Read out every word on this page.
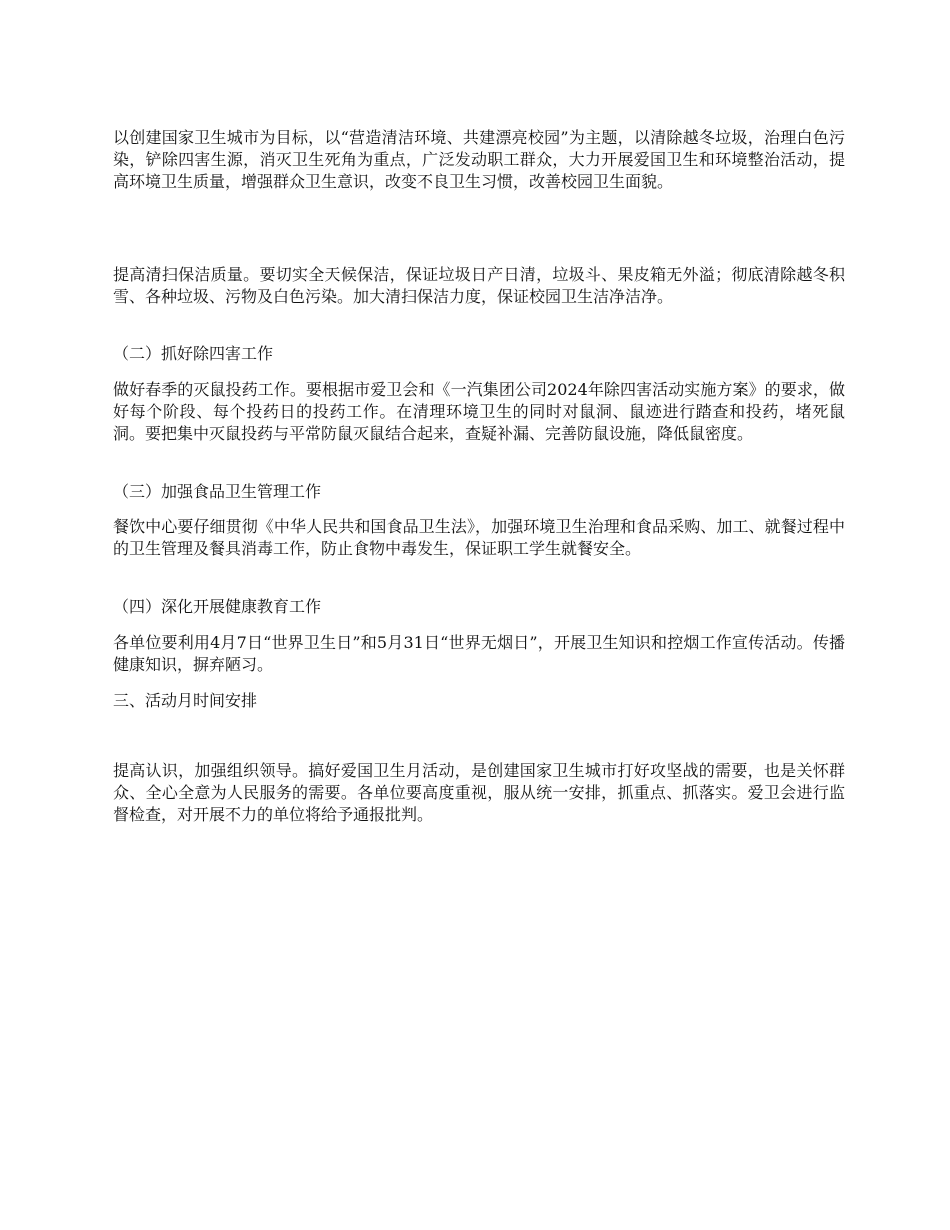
以创建国家卫生城市为目标，以“营造清洁环境、共建漂亮校园”为主题，以清除越冬垃圾，治理白色污染，铲除四害生源，消灭卫生死角为重点，广泛发动职工群众，大力开展爱国卫生和环境整治活动，提高环境卫生质量，增强群众卫生意识，改变不良卫生习惯，改善校园卫生面貌。

提高清扫保洁质量。要切实全天候保洁，保证垃圾日产日清，垃圾斗、果皮箱无外溢；彻底清除越冬积雪、各种垃圾、污物及白色污染。加大清扫保洁力度，保证校园卫生洁净洁净。

（二）抓好除四害工作

做好春季的灭鼠投药工作。要根据市爱卫会和《一汽集团公司2024年除四害活动实施方案》的要求，做好每个阶段、每个投药日的投药工作。在清理环境卫生的同时对鼠洞、鼠迹进行踏查和投药，堵死鼠洞。要把集中灭鼠投药与平常防鼠灭鼠结合起来，查疑补漏、完善防鼠设施，降低鼠密度。

（三）加强食品卫生管理工作

餐饮中心要仔细贯彻《中华人民共和国食品卫生法》，加强环境卫生治理和食品采购、加工、就餐过程中的卫生管理及餐具消毒工作，防止食物中毒发生，保证职工学生就餐安全。

（四）深化开展健康教育工作

各单位要利用4月7日“世界卫生日”和5月31日“世界无烟日”，开展卫生知识和控烟工作宣传活动。传播健康知识，摒弃陋习。

三、活动月时间安排

提高认识，加强组织领导。搞好爱国卫生月活动，是创建国家卫生城市打好攻坚战的需要，也是关怀群众、全心全意为人民服务的需要。各单位要高度重视，服从统一安排，抓重点、抓落实。爱卫会进行监督检查，对开展不力的单位将给予通报批判。
